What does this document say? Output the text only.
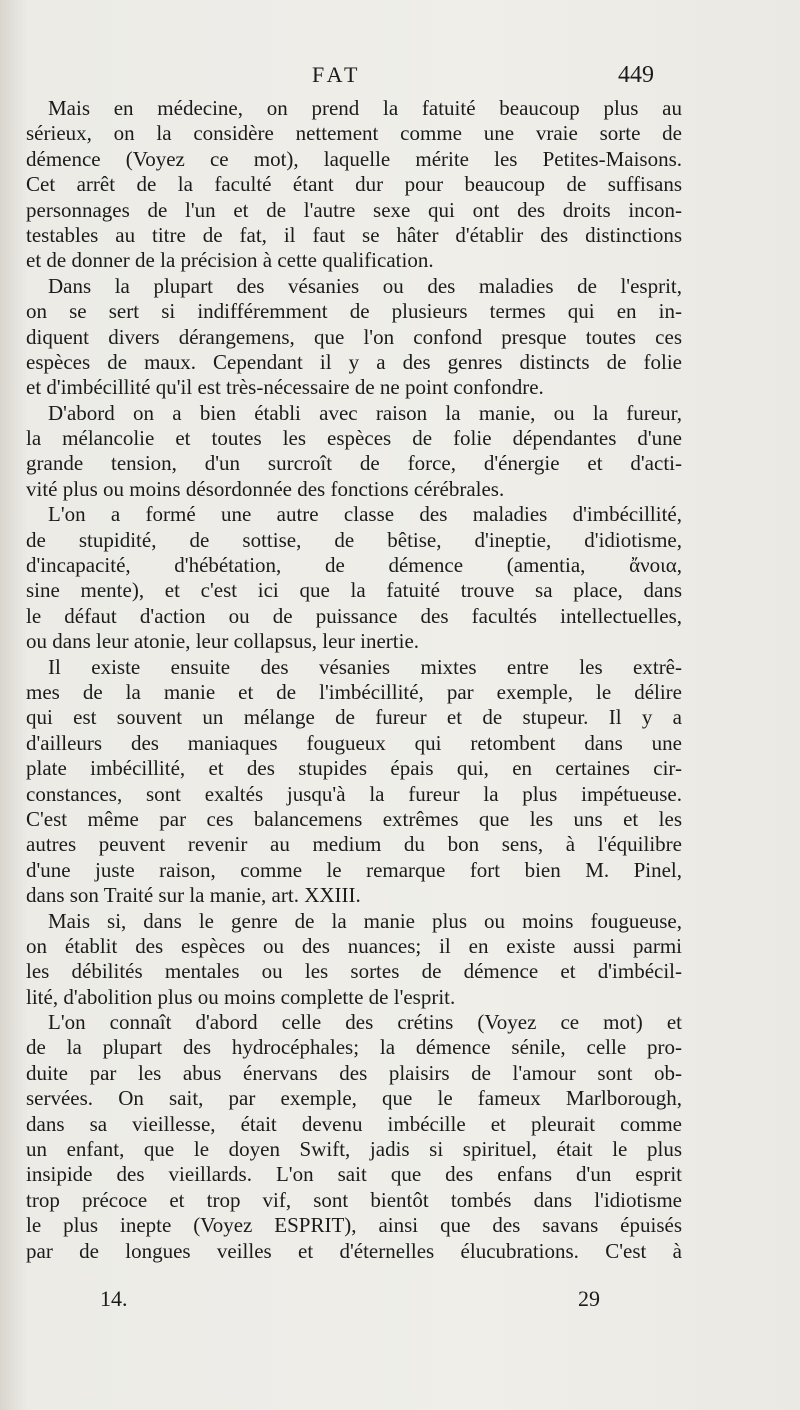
FAT	449
Mais en médecine, on prend la fatuité beaucoup plus au
sérieux, on la considère nettement comme une vraie sorte de
démence (Voyez ce mot), laquelle mérite les Petites-Maisons.
Cet arrêt de la faculté étant dur pour beaucoup de suffisans
personnages de l'un et de l'autre sexe qui ont des droits incon-
testables au titre de fat, il faut se hâter d'établir des distinctions
et de donner de la précision à cette qualification.
Dans la plupart des vésanies ou des maladies de l'esprit,
on se sert si indifféremment de plusieurs termes qui en in-
diquent divers dérangemens, que l'on confond presque toutes ces
espèces de maux. Cependant il y a des genres distincts de folie
et d'imbécillité qu'il est très-nécessaire de ne point confondre.
D'abord on a bien établi avec raison la manie, ou la fureur,
la mélancolie et toutes les espèces de folie dépendantes d'une
grande tension, d'un surcroît de force, d'énergie et d'acti-
vité plus ou moins désordonnée des fonctions cérébrales.
L'on a formé une autre classe des maladies d'imbécillité,
de stupidité, de sottise, de bêtise, d'ineptie, d'idiotisme,
d'incapacité, d'hébétation, de démence (amentia, ἄνοια,
sine mente), et c'est ici que la fatuité trouve sa place, dans
le défaut d'action ou de puissance des facultés intellectuelles,
ou dans leur atonie, leur collapsus, leur inertie.
Il existe ensuite des vésanies mixtes entre les extrê-
mes de la manie et de l'imbécillité, par exemple, le délire
qui est souvent un mélange de fureur et de stupeur. Il y a
d'ailleurs des maniaques fougueux qui retombent dans une
plate imbécillité, et des stupides épais qui, en certaines cir-
constances, sont exaltés jusqu'à la fureur la plus impétueuse.
C'est même par ces balancemens extrêmes que les uns et les
autres peuvent revenir au medium du bon sens, à l'équilibre
d'une juste raison, comme le remarque fort bien M. Pinel,
dans son Traité sur la manie, art. XXIII.
Mais si, dans le genre de la manie plus ou moins fougueuse,
on établit des espèces ou des nuances; il en existe aussi parmi
les débilités mentales ou les sortes de démence et d'imbécil-
lité, d'abolition plus ou moins complette de l'esprit.
L'on connaît d'abord celle des crétins (Voyez ce mot) et
de la plupart des hydrocéphales; la démence sénile, celle pro-
duite par les abus énervans des plaisirs de l'amour sont ob-
servées. On sait, par exemple, que le fameux Marlborough,
dans sa vieillesse, était devenu imbécille et pleurait comme
un enfant, que le doyen Swift, jadis si spirituel, était le plus
insipide des vieillards. L'on sait que des enfans d'un esprit
trop précoce et trop vif, sont bientôt tombés dans l'idiotisme
le plus inepte (Voyez ESPRIT), ainsi que des savans épuisés
par de longues veilles et d'éternelles élucubrations. C'est à
14.	29
